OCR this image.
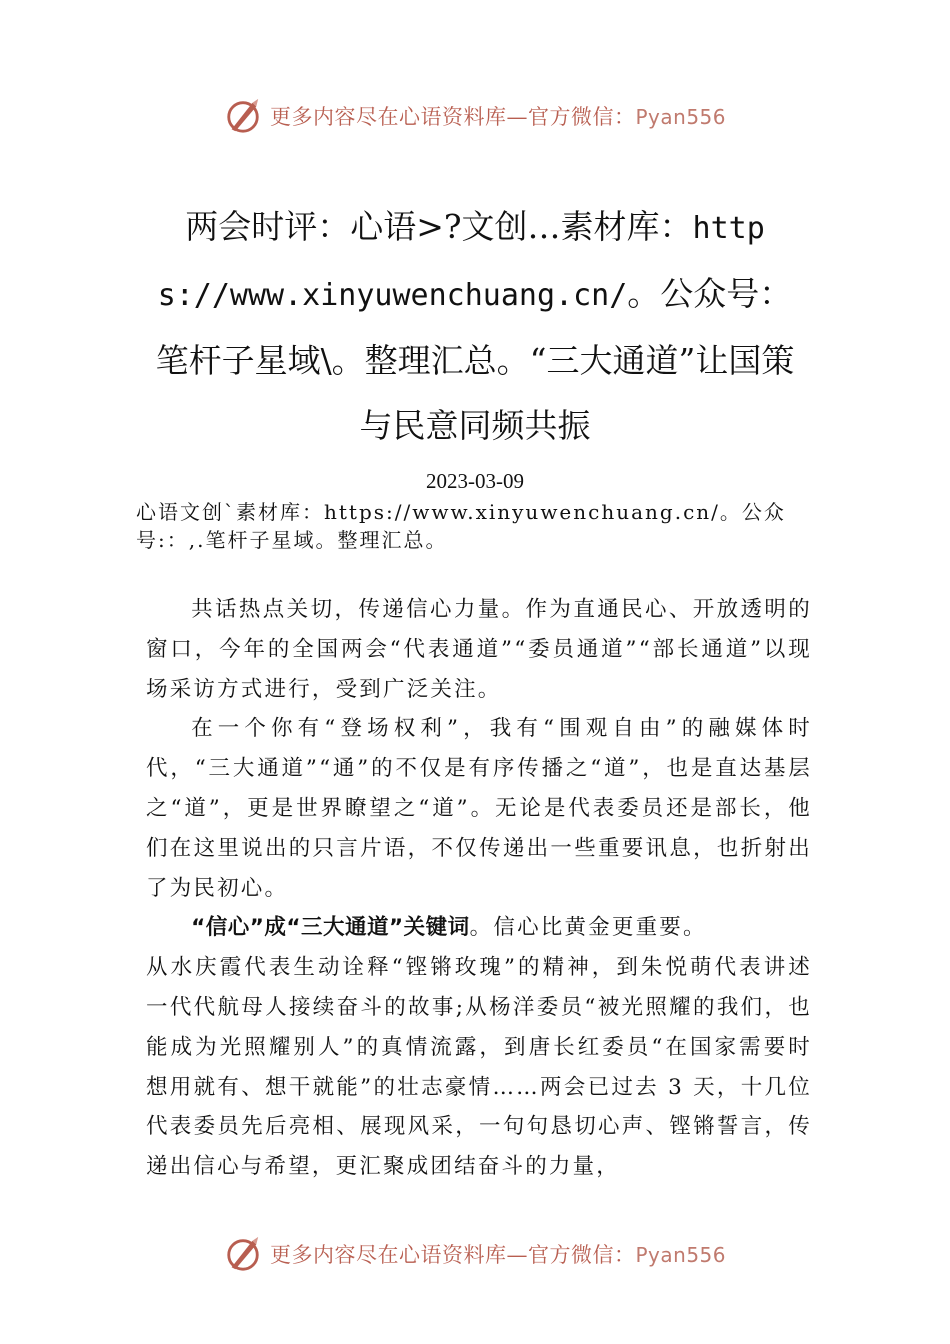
更多内容尽在心语资料库—官方微信：Pyan556
两会时评：心语>?文创…素材库：https://www.xinyuwenchuang.cn/。公众号：笔杆子星域\。整理汇总。“三大通道”让国策与民意同频共振
2023-03-09
心语文创`素材库：https://www.xinyuwenchuang.cn/。公众号:：,.笔杆子星域。整理汇总。

共话热点关切，传递信心力量。作为直通民心、开放透明的窗口，今年的全国两会“代表通道”“委员通道”“部长通道”以现场采访方式进行，受到广泛关注。

在一个你有“登场权利”，我有“围观自由”的融媒体时代，“三大通道”“通”的不仅是有序传播之“道”，也是直达基层之“道”，更是世界瞭望之“道”。无论是代表委员还是部长，他们在这里说出的只言片语，不仅传递出一些重要讯息，也折射出了为民初心。

“信心”成“三大通道”关键词。信心比黄金更重要。

从水庆霞代表生动诠释“铿锵玫瑰”的精神，到朱悦萌代表讲述一代代航母人接续奋斗的故事;从杨洋委员“被光照耀的我们，也能成为光照耀别人”的真情流露，到唐长红委员“在国家需要时想用就有、想干就能”的壮志豪情……两会已过去 3 天，十几位代表委员先后亮相、展现风采，一句句恳切心声、铿锵誓言，传递出信心与希望，更汇聚成团结奋斗的力量，

更多内容尽在心语资料库—官方微信：Pyan556
